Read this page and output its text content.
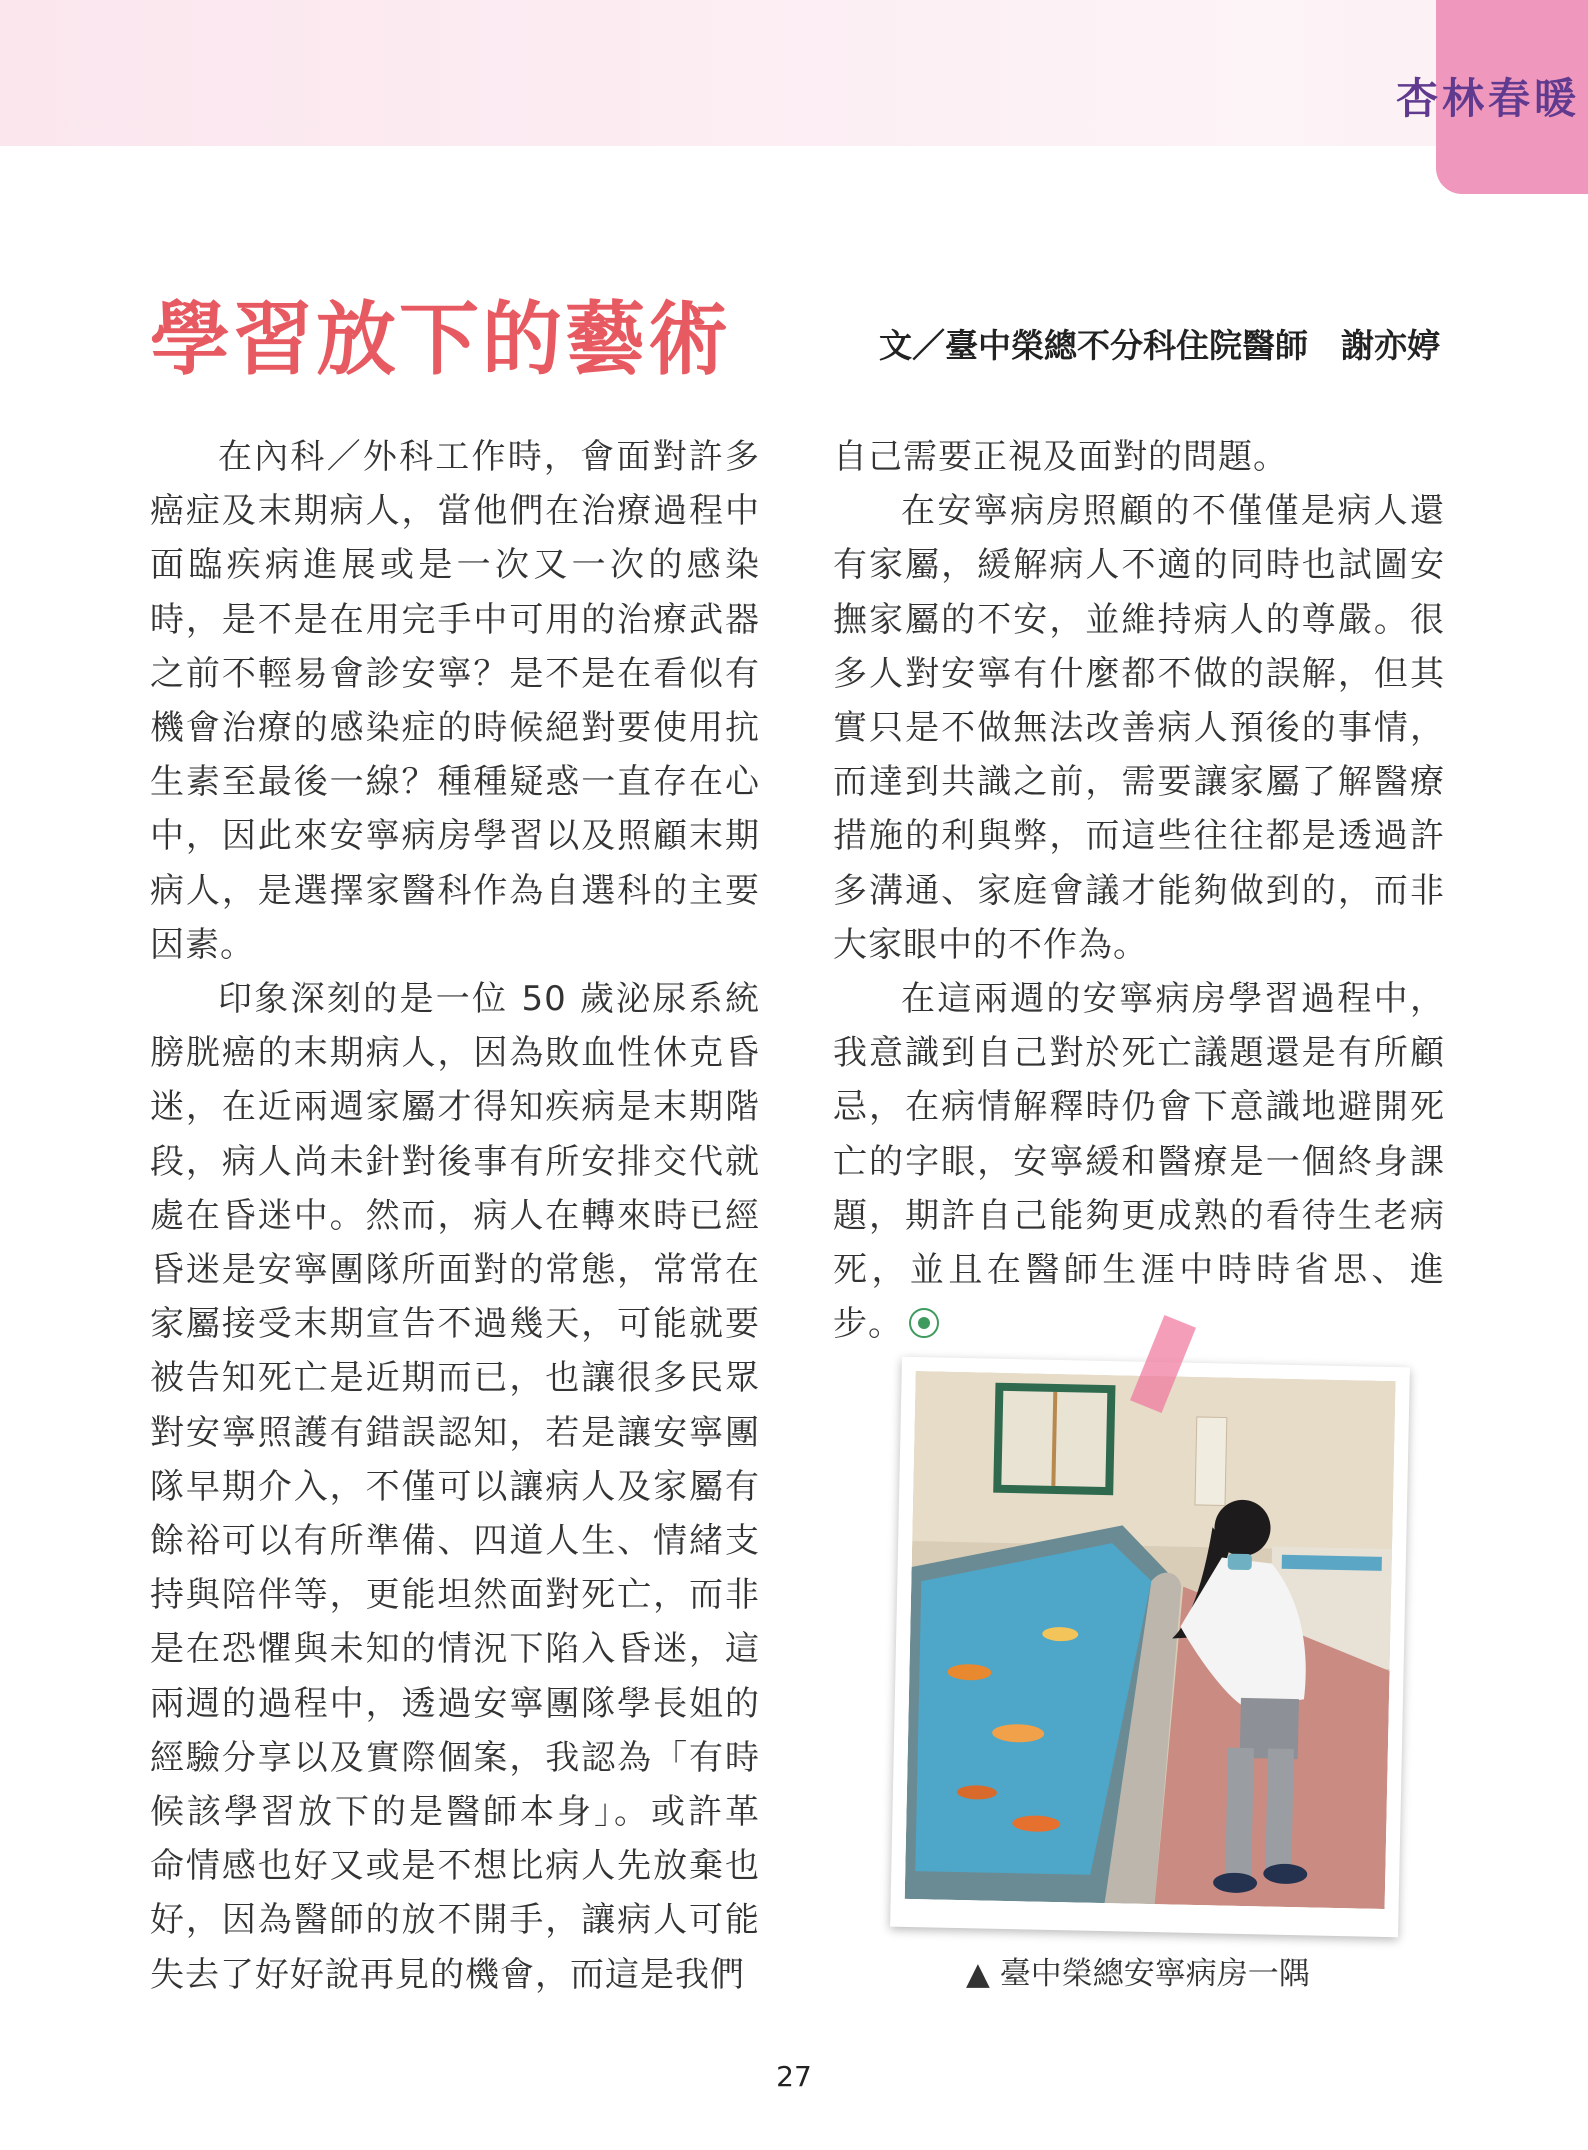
杏林春暖
學習放下的藝術	文／臺中榮總不分科住院醫師　謝亦婷

在內科／外科工作時，會面對許多癌症及末期病人，當他們在治療過程中面臨疾病進展或是一次又一次的感染時，是不是在用完手中可用的治療武器之前不輕易會診安寧？是不是在看似有機會治療的感染症的時候絕對要使用抗生素至最後一線？種種疑惑一直存在心中，因此來安寧病房學習以及照顧末期病人，是選擇家醫科作為自選科的主要因素。

印象深刻的是一位 50 歲泌尿系統膀胱癌的末期病人，因為敗血性休克昏迷，在近兩週家屬才得知疾病是末期階段，病人尚未針對後事有所安排交代就處在昏迷中。然而，病人在轉來時已經昏迷是安寧團隊所面對的常態，常常在家屬接受末期宣告不過幾天，可能就要被告知死亡是近期而已，也讓很多民眾對安寧照護有錯誤認知，若是讓安寧團隊早期介入，不僅可以讓病人及家屬有餘裕可以有所準備、四道人生、情緒支持與陪伴等，更能坦然面對死亡，而非是在恐懼與未知的情況下陷入昏迷，這兩週的過程中，透過安寧團隊學長姐的經驗分享以及實際個案，我認為「有時候該學習放下的是醫師本身」。或許革命情感也好又或是不想比病人先放棄也好，因為醫師的放不開手，讓病人可能失去了好好說再見的機會，而這是我們

自己需要正視及面對的問題。

在安寧病房照顧的不僅僅是病人還有家屬，緩解病人不適的同時也試圖安撫家屬的不安，並維持病人的尊嚴。很多人對安寧有什麼都不做的誤解，但其實只是不做無法改善病人預後的事情，而達到共識之前，需要讓家屬了解醫療措施的利與弊，而這些往往都是透過許多溝通、家庭會議才能夠做到的，而非大家眼中的不作為。

在這兩週的安寧病房學習過程中，我意識到自己對於死亡議題還是有所顧忌，在病情解釋時仍會下意識地避開死亡的字眼，安寧緩和醫療是一個終身課題，期許自己能夠更成熟的看待生老病死，並且在醫師生涯中時時省思、進步。

▲ 臺中榮總安寧病房一隅
27
